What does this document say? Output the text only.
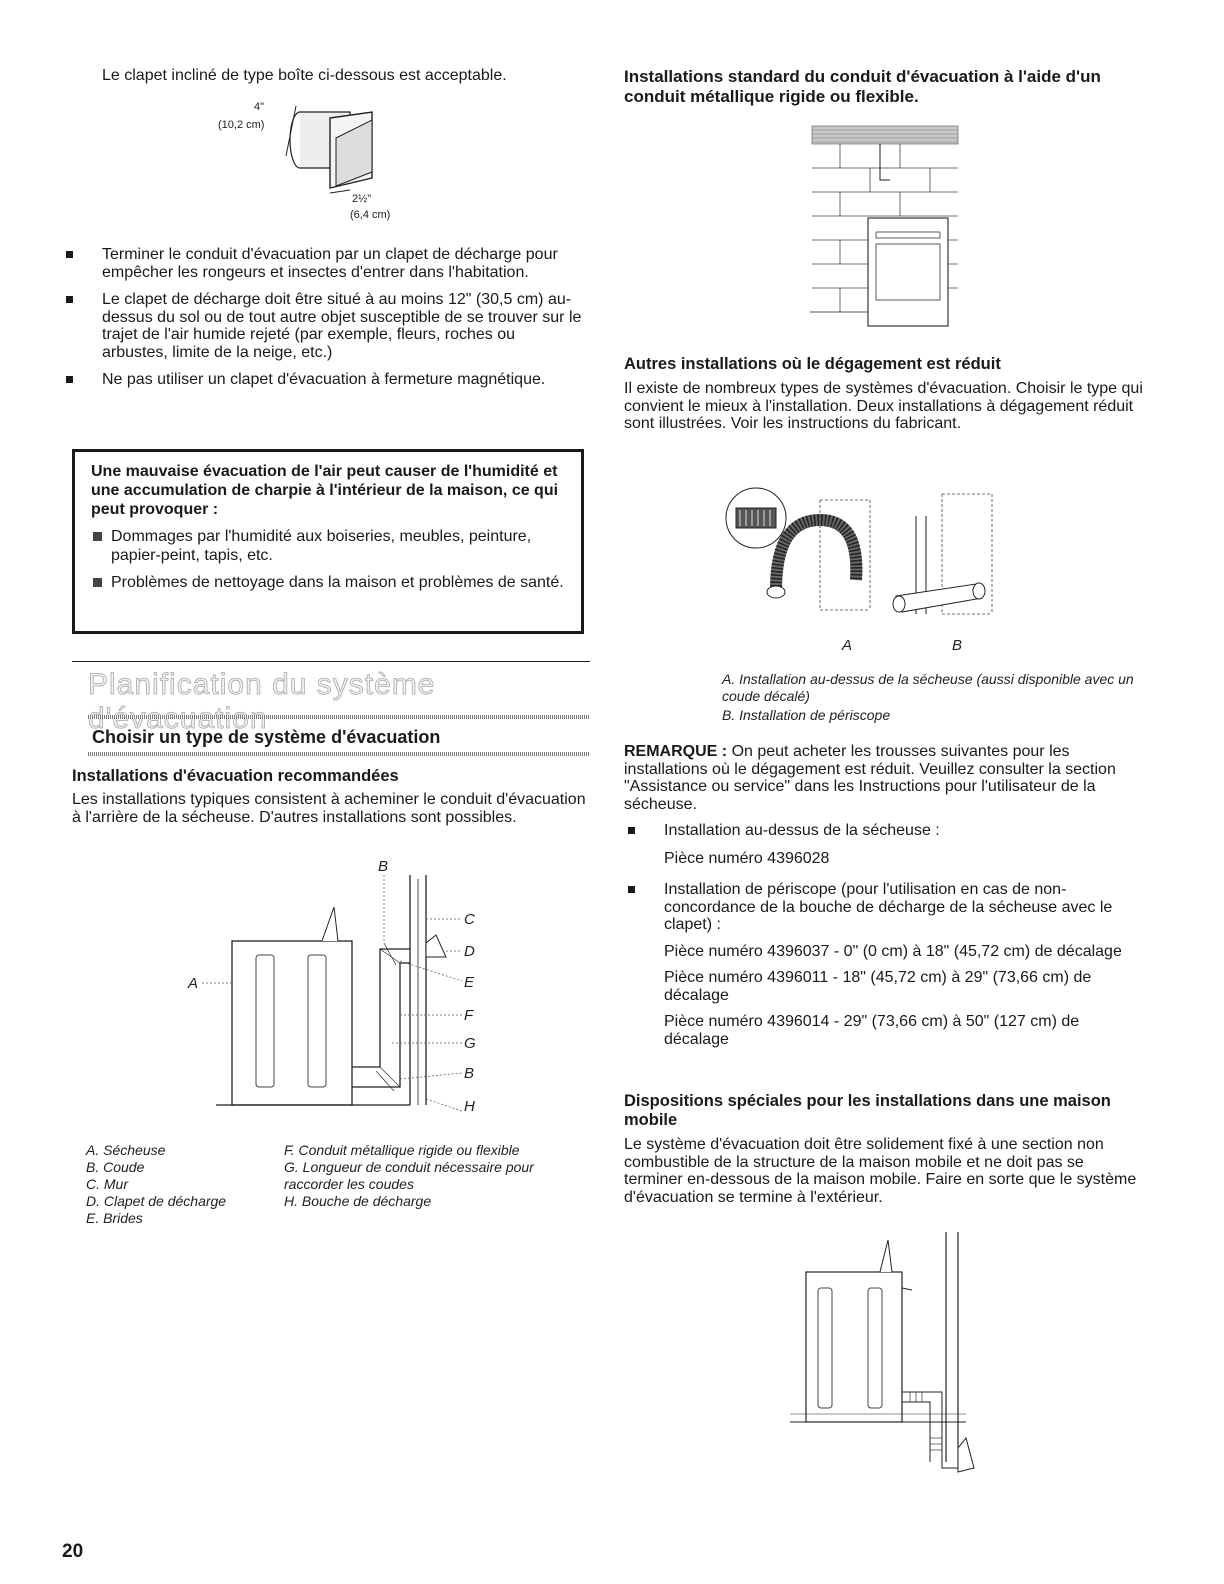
Le clapet incliné de type boîte ci-dessous est acceptable.

4"
(10,2 cm)
2½"
(6,4 cm)
Terminer le conduit d'évacuation par un clapet de décharge pour empêcher les rongeurs et insectes d'entrer dans l'habitation.
Le clapet de décharge doit être situé à au moins 12" (30,5 cm) au-dessus du sol ou de tout autre objet susceptible de se trouver sur le trajet de l'air humide rejeté (par exemple, fleurs, roches ou arbustes, limite de la neige, etc.)
Ne pas utiliser un clapet d'évacuation à fermeture magnétique.
Une mauvaise évacuation de l'air peut causer de l'humidité et une accumulation de charpie à l'intérieur de la maison, ce qui peut provoquer :
Dommages par l'humidité aux boiseries, meubles, peinture, papier-peint, tapis, etc.
Problèmes de nettoyage dans la maison et problèmes de santé.
Planification du système
Choisir un type de système d'évacuation
Installations d'évacuation recommandées

Les installations typiques consistent à acheminer le conduit d'évacuation à l'arrière de la sécheuse. D'autres installations sont possibles.

A
B
C
D
E
F
G
B
H
A. Sécheuse
B. Coude
C. Mur
D. Clapet de décharge
E. Brides
F. Conduit métallique rigide ou flexible
G. Longueur de conduit nécessaire pour raccorder les coudes
H. Bouche de décharge
Installations standard du conduit d'évacuation à l'aide d'un conduit métallique rigide ou flexible.
Autres installations où le dégagement est réduit

Il existe de nombreux types de systèmes d'évacuation. Choisir le type qui convient le mieux à l'installation. Deux installations à dégagement réduit sont illustrées. Voir les instructions du fabricant.

A	B
A. Installation au-dessus de la sécheuse (aussi disponible avec un coude décalé)
B. Installation de périscope

REMARQUE : On peut acheter les trousses suivantes pour les installations où le dégagement est réduit. Veuillez consulter la section "Assistance ou service" dans les Instructions pour l'utilisateur de la sécheuse.

Installation au-dessus de la sécheuse :
Pièce numéro 4396028
Installation de périscope (pour l'utilisation en cas de non-concordance de la bouche de décharge de la sécheuse avec le clapet) :
Pièce numéro 4396037 - 0" (0 cm) à 18" (45,72 cm) de décalage
Pièce numéro 4396011 - 18" (45,72 cm) à 29" (73,66 cm) de décalage
Pièce numéro 4396014 - 29" (73,66 cm) à 50" (127 cm) de décalage
Dispositions spéciales pour les installations dans une maison mobile

Le système d'évacuation doit être solidement fixé à une section non combustible de la structure de la maison mobile et ne doit pas se terminer en-dessous de la maison mobile. Faire en sorte que le système d'évacuation se termine à l'extérieur.

20
